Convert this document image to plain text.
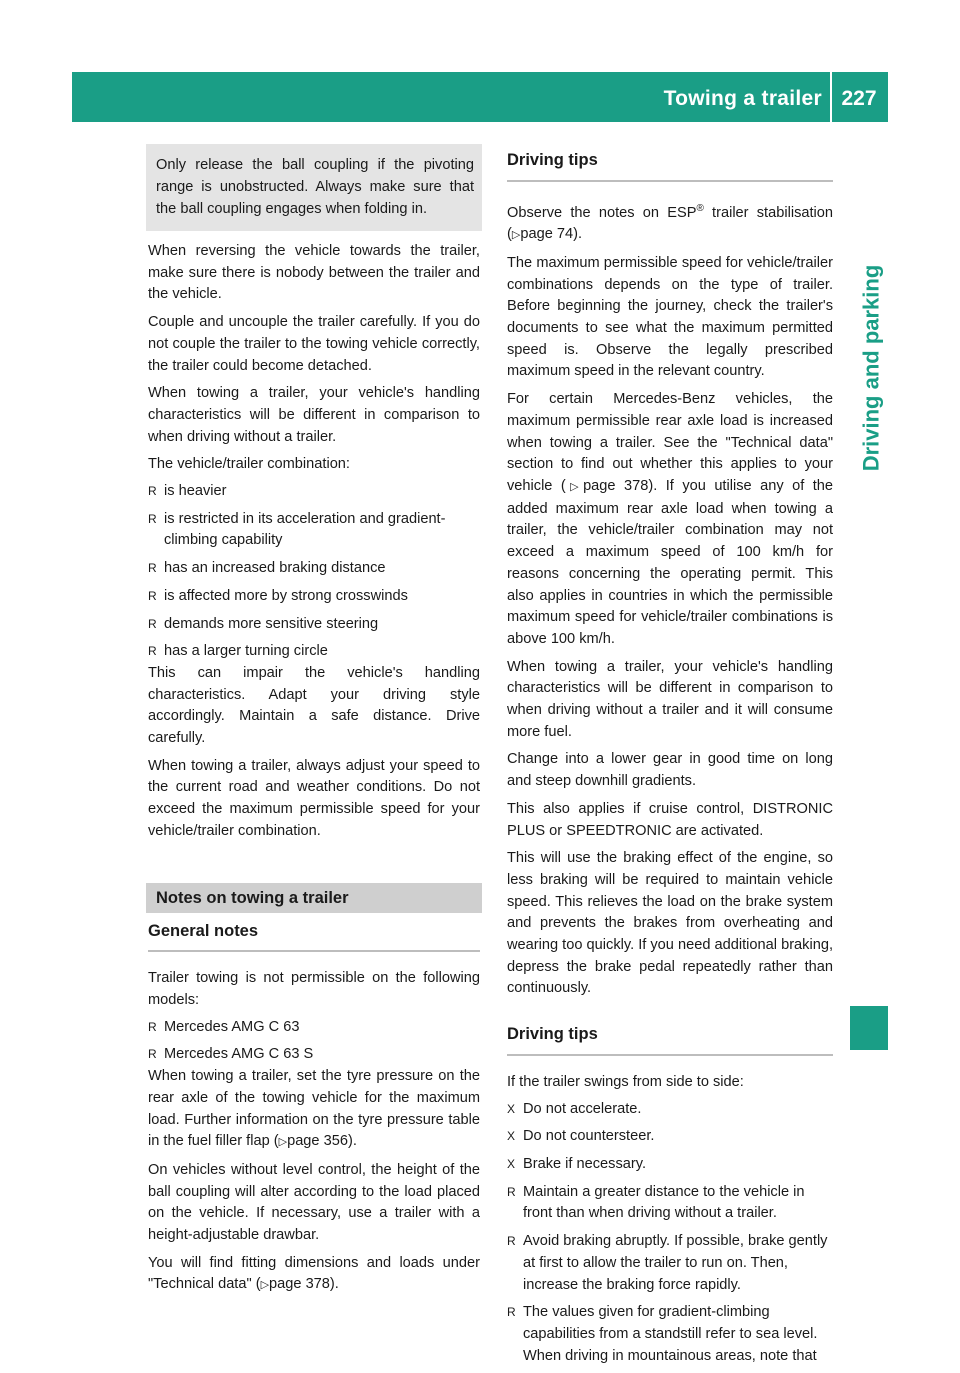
Towing a trailer 227
Driving and parking
Only release the ball coupling if the pivoting range is unobstructed. Always make sure that the ball coupling engages when folding in.

When reversing the vehicle towards the trailer, make sure there is nobody between the trailer and the vehicle.

Couple and uncouple the trailer carefully. If you do not couple the trailer to the towing vehicle correctly, the trailer could become detached.

When towing a trailer, your vehicle's handling characteristics will be different in comparison to when driving without a trailer.

The vehicle/trailer combination:

R is heavier
R is restricted in its acceleration and gradient-climbing capability
R has an increased braking distance
R is affected more by strong crosswinds
R demands more sensitive steering
R has a larger turning circle

This can impair the vehicle's handling characteristics. Adapt your driving style accordingly. Maintain a safe distance. Drive carefully.

When towing a trailer, always adjust your speed to the current road and weather conditions. Do not exceed the maximum permissible speed for your vehicle/trailer combination.

Notes on towing a trailer
General notes

Trailer towing is not permissible on the following models:

R Mercedes AMG C 63
R Mercedes AMG C 63 S

When towing a trailer, set the tyre pressure on the rear axle of the towing vehicle for the maximum load. Further information on the tyre pressure table in the fuel filler flap (▷page 356).

On vehicles without level control, the height of the ball coupling will alter according to the load placed on the vehicle. If necessary, use a trailer with a height-adjustable drawbar.

You will find fitting dimensions and loads under "Technical data" (▷page 378).

Driving tips

Observe the notes on ESP® trailer stabilisation (▷page 74).

The maximum permissible speed for vehicle/trailer combinations depends on the type of trailer. Before beginning the journey, check the trailer's documents to see what the maximum permitted speed is. Observe the legally prescribed maximum speed in the relevant country.

For certain Mercedes-Benz vehicles, the maximum permissible rear axle load is increased when towing a trailer. See the "Technical data" section to find out whether this applies to your vehicle (▷page 378). If you utilise any of the added maximum rear axle load when towing a trailer, the vehicle/trailer combination may not exceed a maximum speed of 100 km/h for reasons concerning the operating permit. This also applies in countries in which the permissible maximum speed for vehicle/trailer combinations is above 100 km/h.

When towing a trailer, your vehicle's handling characteristics will be different in comparison to when driving without a trailer and it will consume more fuel.

Change into a lower gear in good time on long and steep downhill gradients.

This also applies if cruise control, DISTRONIC PLUS or SPEEDTRONIC are activated.

This will use the braking effect of the engine, so less braking will be required to maintain vehicle speed. This relieves the load on the brake system and prevents the brakes from overheating and wearing too quickly. If you need additional braking, depress the brake pedal repeatedly rather than continuously.

Driving tips

If the trailer swings from side to side:

X Do not accelerate.
X Do not countersteer.
X Brake if necessary.
R Maintain a greater distance to the vehicle in front than when driving without a trailer.
R Avoid braking abruptly. If possible, brake gently at first to allow the trailer to run on. Then, increase the braking force rapidly.
R The values given for gradient-climbing capabilities from a standstill refer to sea level. When driving in mountainous areas, note that
